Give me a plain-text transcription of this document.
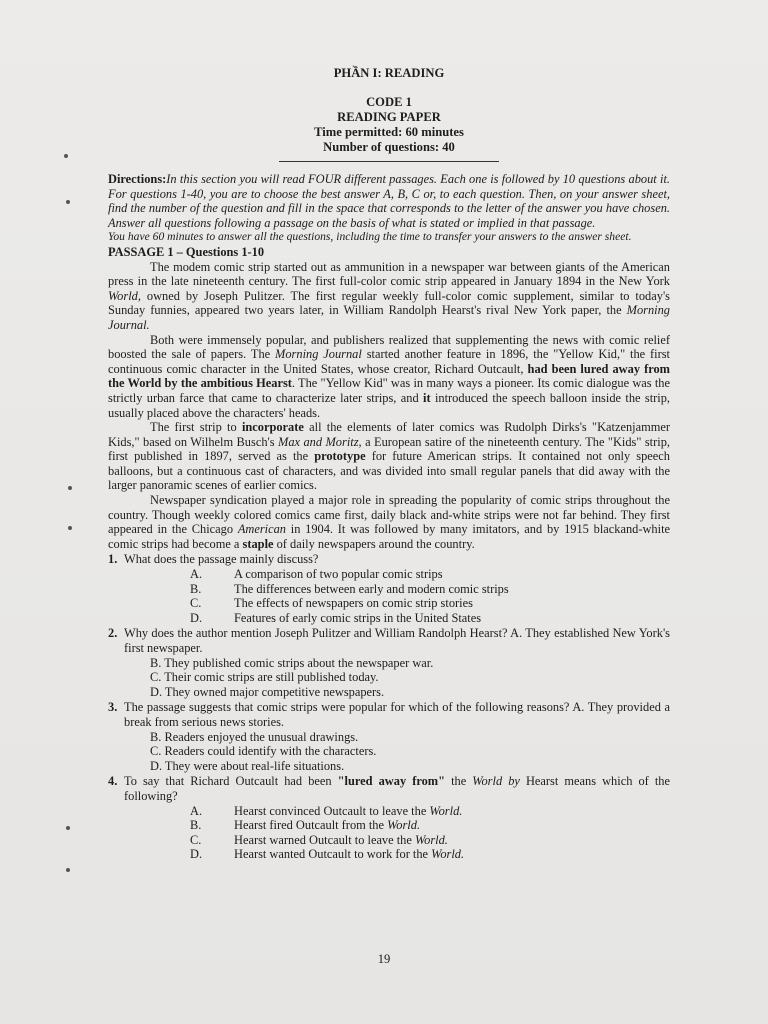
PHẦN I: READING
CODE 1
READING PAPER
Time permitted: 60 minutes
Number of questions: 40
Directions:In this section you will read FOUR different passages. Each one is followed by 10 questions about it. For questions 1-40, you are to choose the best answer A, B, C or, to each question. Then, on your answer sheet, find the number of the question and fill in the space that corresponds to the letter of the answer you have chosen. Answer all questions following a passage on the basis of what is stated or implied in that passage.
You have 60 minutes to answer all the questions, including the time to transfer your answers to the answer sheet.
PASSAGE 1 – Questions 1-10

The modem comic strip started out as ammunition in a newspaper war between giants of the American press in the late nineteenth century. The first full-color comic strip appeared in January 1894 in the New York World, owned by Joseph Pulitzer. The first regular weekly full-color comic supplement, similar to today's Sunday funnies, appeared two years later, in William Randolph Hearst's rival New York paper, the Morning Journal.

Both were immensely popular, and publishers realized that supplementing the news with comic relief boosted the sale of papers. The Morning Journal started another feature in 1896, the "Yellow Kid," the first continuous comic character in the United States, whose creator, Richard Outcault, had been lured away from the World by the ambitious Hearst. The "Yellow Kid" was in many ways a pioneer. Its comic dialogue was the strictly urban farce that came to characterize later strips, and it introduced the speech balloon inside the strip, usually placed above the characters' heads.

The first strip to incorporate all the elements of later comics was Rudolph Dirks's "Katzenjammer Kids," based on Wilhelm Busch's Max and Moritz, a European satire of the nineteenth century. The "Kids" strip, first published in 1897, served as the prototype for future American strips. It contained not only speech balloons, but a continuous cast of characters, and was divided into small regular panels that did away with the larger panoramic scenes of earlier comics.

Newspaper syndication played a major role in spreading the popularity of comic strips throughout the country. Though weekly colored comics came first, daily black and-white strips were not far behind. They first appeared in the Chicago American in 1904. It was followed by many imitators, and by 1915 blackand-white comic strips had become a staple of daily newspapers around the country.

1. What does the passage mainly discuss?
A.	A comparison of two popular comic strips
B.	The differences between early and modern comic strips
C.	The effects of newspapers on comic strip stories
D.	Features of early comic strips in the United States
2. Why does the author mention Joseph Pulitzer and William Randolph Hearst? A. They established New York's first newspaper.
B. They published comic strips about the newspaper war.
C. Their comic strips are still published today.
D. They owned major competitive newspapers.
3. The passage suggests that comic strips were popular for which of the following reasons? A. They provided a break from serious news stories.
B. Readers enjoyed the unusual drawings.
C. Readers could identify with the characters.
D. They were about real-life situations.
4. To say that Richard Outcault had been "lured away from" the World by Hearst means which of the following?
A.	Hearst convinced Outcault to leave the World.
B.	Hearst fired Outcault from the World.
C.	Hearst warned Outcault to leave the World.
D.	Hearst wanted Outcault to work for the World.
19
